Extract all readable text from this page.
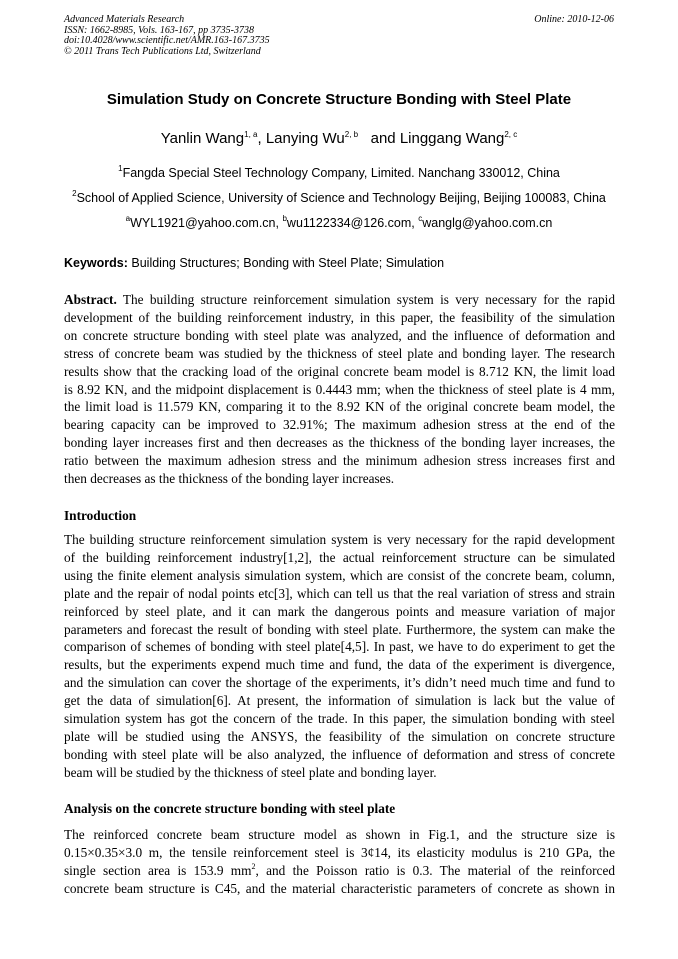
Advanced Materials Research
ISSN: 1662-8985, Vols. 163-167, pp 3735-3738
doi:10.4028/www.scientific.net/AMR.163-167.3735
© 2011 Trans Tech Publications Ltd, Switzerland
Online: 2010-12-06
Simulation Study on Concrete Structure Bonding with Steel Plate
Yanlin Wang$^{1, a}$, Lanying Wu$^{2, b}$ and Linggang Wang$^{2, c}$
$^1$Fangda Special Steel Technology Company, Limited. Nanchang 330012, China
$^2$School of Applied Science, University of Science and Technology Beijing, Beijing 100083, China
$^a$WYL1921@yahoo.com.cn, $^b$wu1122334@126.com, $^c$wanglg@yahoo.com.cn
Keywords: Building Structures; Bonding with Steel Plate; Simulation
Abstract. The building structure reinforcement simulation system is very necessary for the rapid
development of the building reinforcement industry, in this paper, the feasibility of the simulation
on concrete structure bonding with steel plate was analyzed, and the influence of deformation and
stress of concrete beam was studied by the thickness of steel plate and bonding layer. The research
results show that the cracking load of the original concrete beam model is 8.712 KN, the limit load
is 8.92 KN, and the midpoint displacement is 0.4443 mm; when the thickness of steel plate is 4 mm,
the limit load is 11.579 KN, comparing it to the 8.92 KN of the original concrete beam model, the
bearing capacity can be improved to 32.91%; The maximum adhesion stress at the end of the
bonding layer increases first and then decreases as the thickness of the bonding layer increases, the
ratio between the maximum adhesion stress and the minimum adhesion stress increases first and
then decreases as the thickness of the bonding layer increases.
Introduction
The building structure reinforcement simulation system is very necessary for the rapid development
of the building reinforcement industry[1,2], the actual reinforcement structure can be simulated
using the finite element analysis simulation system, which are consist of the concrete beam, column,
plate and the repair of nodal points etc[3], which can tell us that the real variation of stress and strain
reinforced by steel plate, and it can mark the dangerous points and measure variation of major
parameters and forecast the result of bonding with steel plate. Furthermore, the system can make the
comparison of schemes of bonding with steel plate[4,5]. In past, we have to do experiment to get the
results, but the experiments expend much time and fund, the data of the experiment is divergence,
and the simulation can cover the shortage of the experiments, it’s didn’t need much time and fund to
get the data of simulation[6]. At present, the information of simulation is lack but the value of
simulation system has got the concern of the trade. In this paper, the simulation bonding with steel
plate will be studied using the ANSYS, the feasibility of the simulation on concrete structure
bonding with steel plate will be also analyzed, the influence of deformation and stress of concrete
beam will be studied by the thickness of steel plate and bonding layer.
Analysis on the concrete structure bonding with steel plate
The reinforced concrete beam structure model as shown in Fig.1, and the structure size is
0.15×0.35×3.0 m, the tensile reinforcement steel is 3¢14, its elasticity modulus is 210 GPa, the
single section area is 153.9 $mm^2$, and the Poisson ratio is 0.3. The material of the reinforced
concrete beam structure is C45, and the material characteristic parameters of concrete as shown in
